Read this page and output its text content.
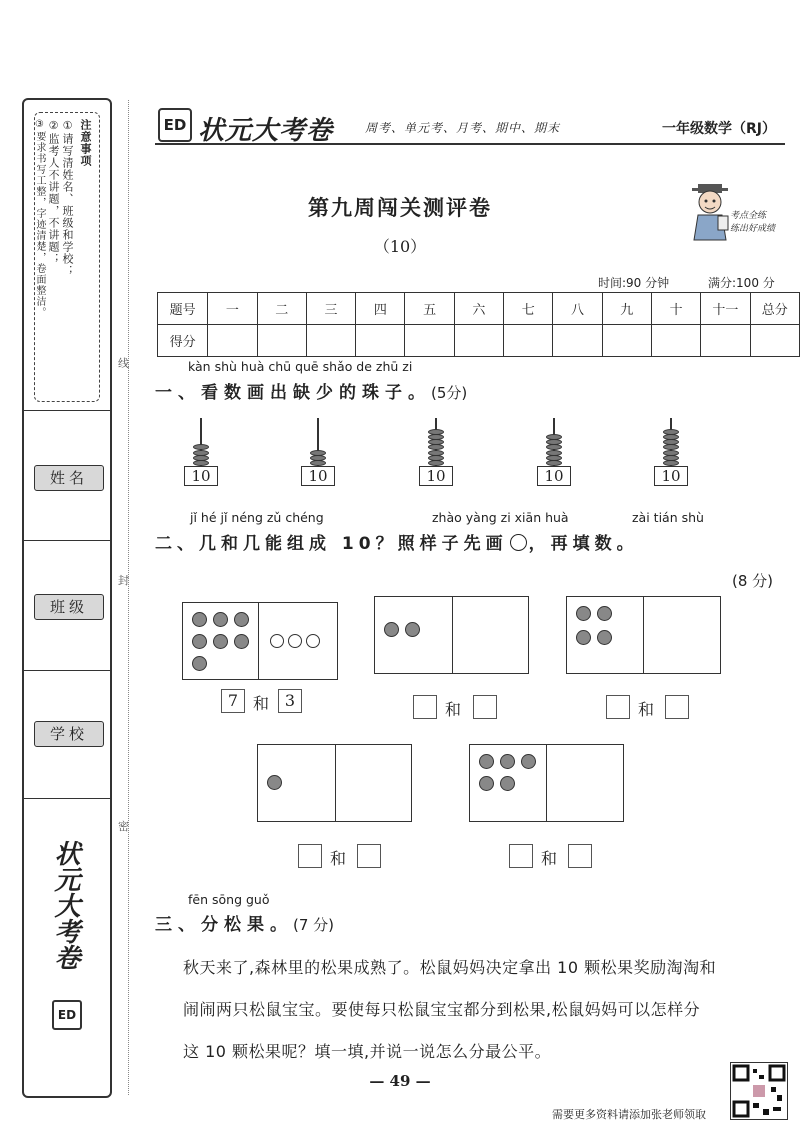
注意事项
①请写清姓名、班级和学校；
②监考人不讲题，不讲题；
③要求书写工整，字迹清楚，卷面整洁。
姓名
班级
学校
状元大考卷
ED
线
封
密
ED 状元大考卷	周考、单元考、月考、期中、期末	一年级数学（RJ）
第九周闯关测评卷
（10）
考点全练
练出好成绩
时间:90 分钟	满分:100 分
题号	一	二	三	四	五	六	七	八	九	十	十一	总分
得分												
kàn shù huà chū quē shǎo de zhū zi
一、看数画出缺少的珠子。(5分)
10	10	10	10	10
jǐ hé jǐ néng zǔ chéng	zhào yàng zi xiān huà	zài tián shù
二、几和几能组成 10？照样子先画 ，再填数。
(8 分)
7 和 3	和	和
和	和
fēn sōng guǒ
三、分松果。(7 分)
秋天来了,森林里的松果成熟了。松鼠妈妈决定拿出 10 颗松果奖励淘淘和
闹闹两只松鼠宝宝。要使每只松鼠宝宝都分到松果,松鼠妈妈可以怎样分
这 10 颗松果呢？填一填,并说一说怎么分最公平。
— 49 —
需要更多资料请添加张老师领取
